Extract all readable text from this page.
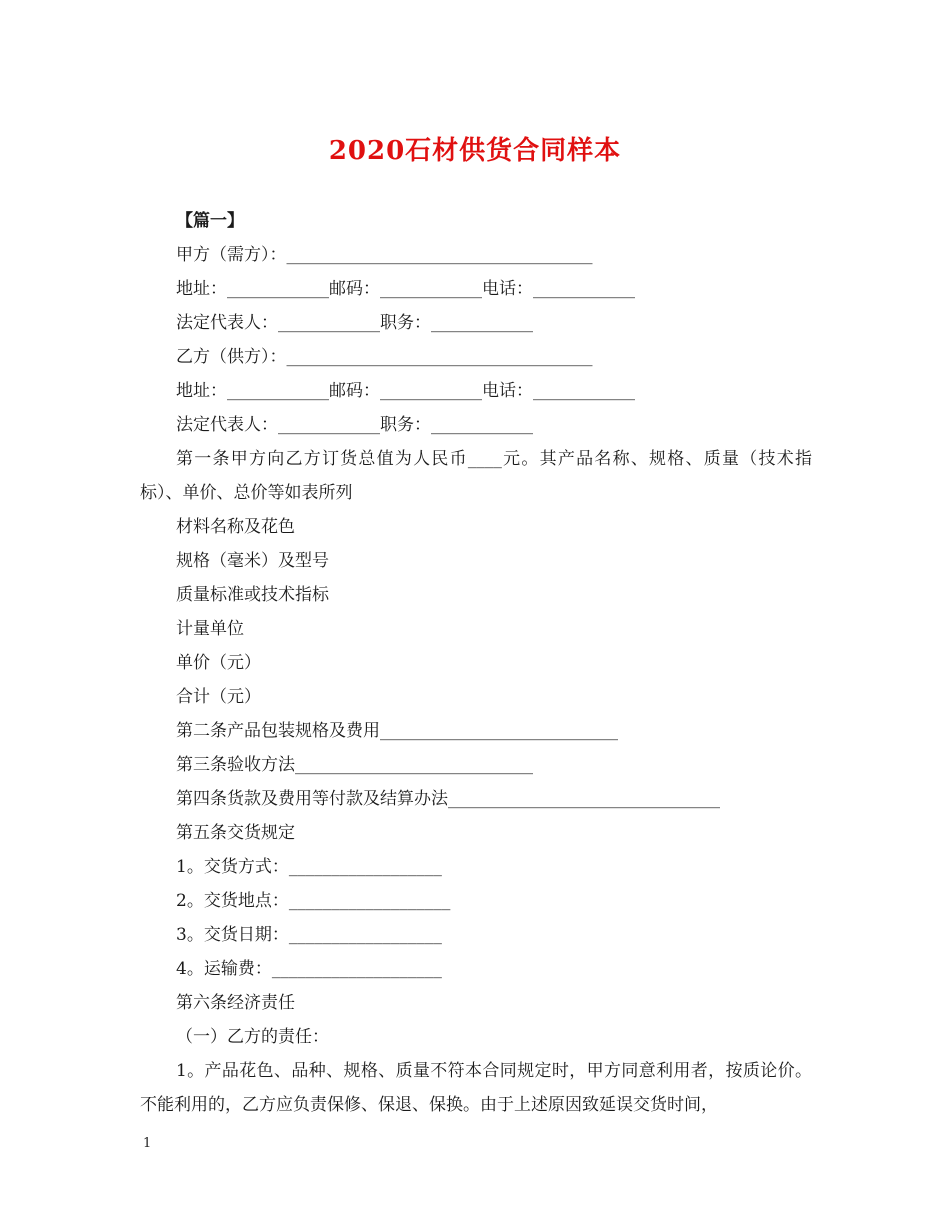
2020石材供货合同样本
【篇一】
甲方（需方）：____________________________________
地址：____________邮码：____________电话：____________
法定代表人：____________职务：____________
乙方（供方）：____________________________________
地址：____________邮码：____________电话：____________
法定代表人：____________职务：____________
第一条甲方向乙方订货总值为人民币____元。其产品名称、规格、质量（技术指标）、单价、总价等如表所列
材料名称及花色
规格（毫米）及型号
质量标准或技术指标
计量单位
单价（元）
合计（元）
第二条产品包装规格及费用____________________________
第三条验收方法____________________________
第四条货款及费用等付款及结算办法________________________________
第五条交货规定
1。交货方式：__________________
2。交货地点：___________________
3。交货日期：__________________
4。运输费：____________________
第六条经济责任
（一）乙方的责任：
1。产品花色、品种、规格、质量不符本合同规定时，甲方同意利用者，按质论价。不能利用的，乙方应负责保修、保退、保换。由于上述原因致延误交货时间，
1
